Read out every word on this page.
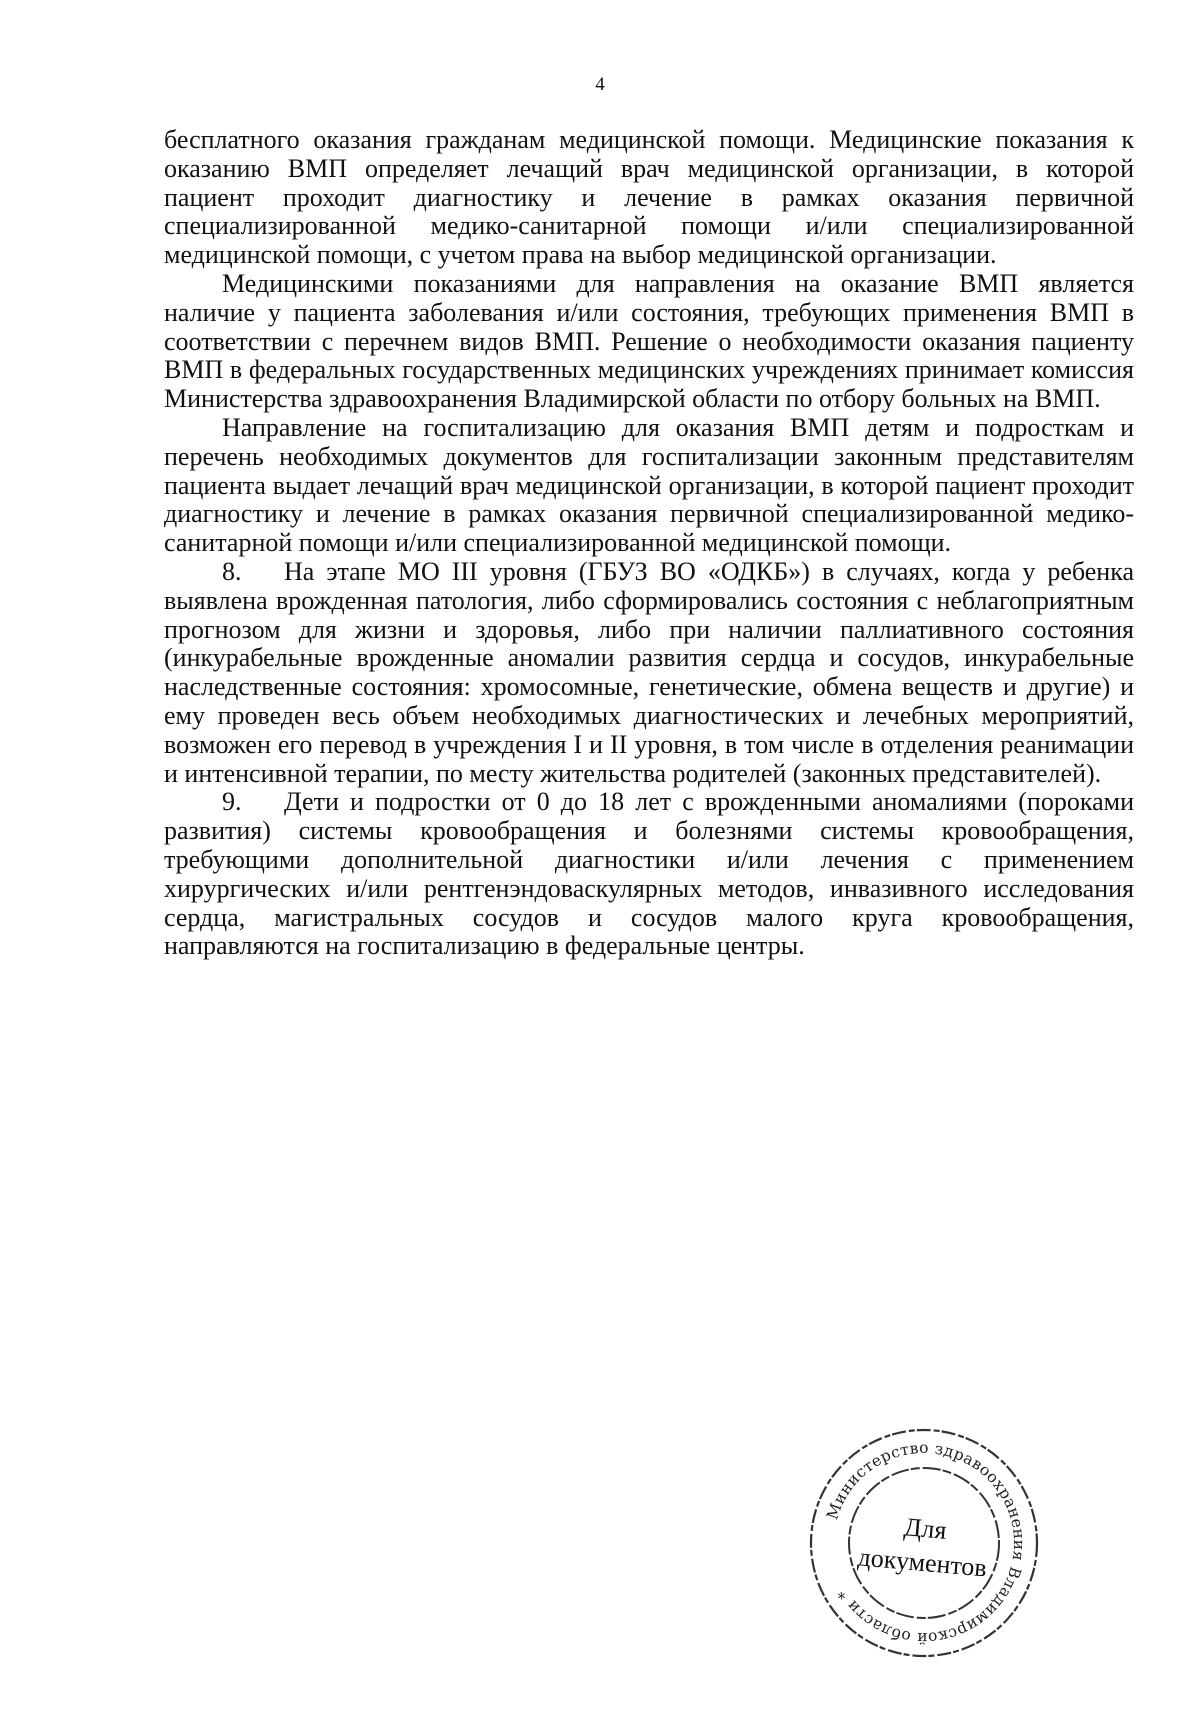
4

бесплатного оказания гражданам медицинской помощи. Медицинские показания к оказанию ВМП определяет лечащий врач медицинской организации, в которой пациент проходит диагностику и лечение в рамках оказания первичной специализированной медико-санитарной помощи и/или специализированной медицинской помощи, с учетом права на выбор медицинской организации.

Медицинскими показаниями для направления на оказание ВМП является наличие у пациента заболевания и/или состояния, требующих применения ВМП в соответствии с перечнем видов ВМП. Решение о необходимости оказания пациенту ВМП в федеральных государственных медицинских учреждениях принимает комиссия Министерства здравоохранения Владимирской области по отбору больных на ВМП.

Направление на госпитализацию для оказания ВМП детям и подросткам и перечень необходимых документов для госпитализации законным представителям пациента выдает лечащий врач медицинской организации, в которой пациент проходит диагностику и лечение в рамках оказания первичной специализированной медико-санитарной помощи и/или специализированной медицинской помощи.

8. На этапе МО III уровня (ГБУЗ ВО «ОДКБ») в случаях, когда у ребенка выявлена врожденная патология, либо сформировались состояния с неблагоприятным прогнозом для жизни и здоровья, либо при наличии паллиативного состояния (инкурабельные врожденные аномалии развития сердца и сосудов, инкурабельные наследственные состояния: хромосомные, генетические, обмена веществ и другие) и ему проведен весь объем необходимых диагностических и лечебных мероприятий, возможен его перевод в учреждения I и II уровня, в том числе в отделения реанимации и интенсивной терапии, по месту жительства родителей (законных представителей).

9. Дети и подростки от 0 до 18 лет с врожденными аномалиями (пороками развития) системы кровообращения и болезнями системы кровообращения, требующими дополнительной диагностики и/или лечения с применением хирургических и/или рентгенэндоваскулярных методов, инвазивного исследования сердца, магистральных сосудов и сосудов малого круга кровообращения, направляются на госпитализацию в федеральные центры.

Министерство здравоохранения Владимирской области *
Для
документов
